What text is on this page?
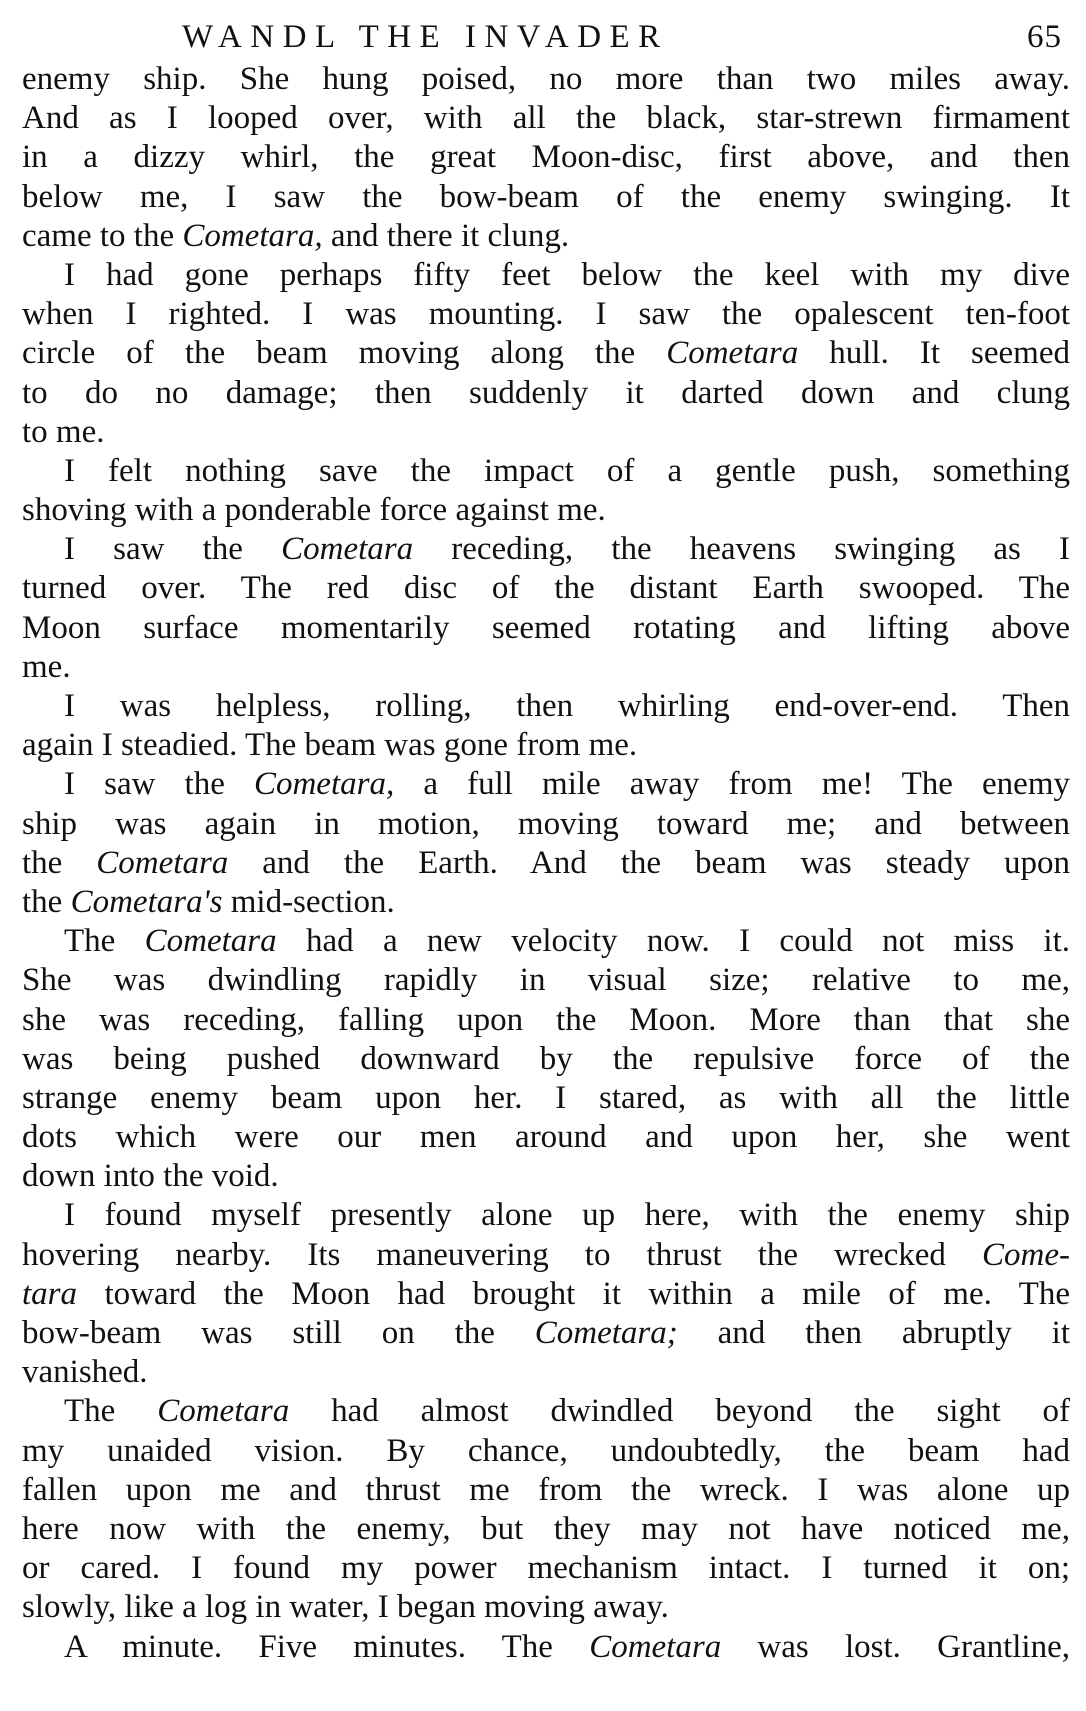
WANDL THE INVADER	65
enemy ship. She hung poised, no more than two miles away.
And as I looped over, with all the black, star-strewn firmament
in a dizzy whirl, the great Moon-disc, first above, and then
below me, I saw the bow-beam of the enemy swinging. It
came to the Cometara, and there it clung.
I had gone perhaps fifty feet below the keel with my dive
when I righted. I was mounting. I saw the opalescent ten-foot
circle of the beam moving along the Cometara hull. It seemed
to do no damage; then suddenly it darted down and clung
to me.
I felt nothing save the impact of a gentle push, something
shoving with a ponderable force against me.
I saw the Cometara receding, the heavens swinging as I
turned over. The red disc of the distant Earth swooped. The
Moon surface momentarily seemed rotating and lifting above
me.
I was helpless, rolling, then whirling end-over-end. Then
again I steadied. The beam was gone from me.
I saw the Cometara, a full mile away from me! The enemy
ship was again in motion, moving toward me; and between
the Cometara and the Earth. And the beam was steady upon
the Cometara's mid-section.
The Cometara had a new velocity now. I could not miss it.
She was dwindling rapidly in visual size; relative to me,
she was receding, falling upon the Moon. More than that she
was being pushed downward by the repulsive force of the
strange enemy beam upon her. I stared, as with all the little
dots which were our men around and upon her, she went
down into the void.
I found myself presently alone up here, with the enemy ship
hovering nearby. Its maneuvering to thrust the wrecked Come-
tara toward the Moon had brought it within a mile of me. The
bow-beam was still on the Cometara; and then abruptly it
vanished.
The Cometara had almost dwindled beyond the sight of
my unaided vision. By chance, undoubtedly, the beam had
fallen upon me and thrust me from the wreck. I was alone up
here now with the enemy, but they may not have noticed me,
or cared. I found my power mechanism intact. I turned it on;
slowly, like a log in water, I began moving away.
A minute. Five minutes. The Cometara was lost. Grantline,
